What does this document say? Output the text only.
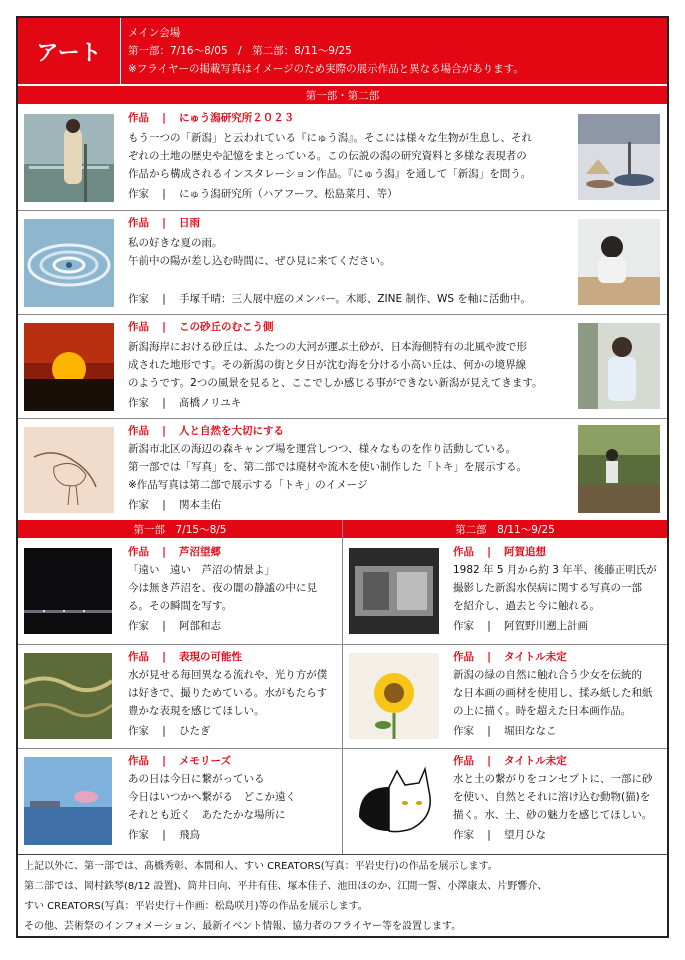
アート
メイン会場
第一部：7/16～8/05　/　第二部：8/11～9/25
※フライヤーの掲載写真はイメージのため実際の展示作品と異なる場合があります。
第一部・第二部
作品 | にゅう潟研究所２０２３
もう一つの「新潟」と云われている『にゅう潟』。そこには様々な生物が生息し、それ
ぞれの土地の歴史や記憶をまとっている。この伝説の潟の研究資料と多様な表現者の
作品から構成されるインスタレーション作品。『にゅう潟』を通して「新潟」を問う。
作家 | にゅう潟研究所（ハアフーフ、松島菜月、等）
作品 | 日雨
私の好きな夏の雨。
午前中の陽が差し込む時間に、ぜひ見に来てください。
作家 | 手塚千晴：三人展中庭のメンバー。木彫、ZINE 制作、WS を軸に活動中。
作品 | この砂丘のむこう側
新潟海岸における砂丘は、ふたつの大河が運ぶ土砂が、日本海側特有の北風や波で形
成された地形です。その新潟の街と夕日が沈む海を分ける小高い丘は、何かの境界線
のようです。2つの風景を見ると、ここでしか感じる事ができない新潟が見えてきます。
作家 | 髙橋ノリユキ
作品 | 人と自然を大切にする
新潟市北区の海辺の森キャンプ場を運営しつつ、様々なものを作り活動している。
第一部では「写真」を、第二部では廃材や流木を使い制作した「トキ」を展示する。
※作品写真は第二部で展示する「トキ」のイメージ
作家 | 関本圭佑
第一部　7/15～8/5	第二部　8/11～9/25
作品 | 芦沼望郷
「遠い　遠い　芦沼の情景よ」
今は無き芦沼を、夜の闇の静謐の中に見
る。その瞬間を写す。
作家 | 阿部和志
作品 | 表現の可能性
水が見せる毎回異なる流れや、光り方が僕
は好きで、撮りためている。水がもたらす
豊かな表現を感じてほしい。
作家 | ひたぎ
作品 | メモリーズ
あの日は今日に繋がっている
今日はいつかへ繋がる　どこか遠く
それとも近く　あたたかな場所に
作家 | 飛鳥
作品 | 阿賀追想
1982 年 5 月から約 3 年半、後藤正明氏が
撮影した新潟水俣病に関する写真の一部
を紹介し、過去と今に触れる。
作家 | 阿賀野川遡上計画
作品 | タイトル未定
新潟の緑の自然に触れ合う少女を伝統的
な日本画の画材を使用し、揉み紙した和紙
の上に描く。時を超えた日本画作品。
作家 | 堀田ななこ
作品 | タイトル未定
水と土の繋がりをコンセプトに、一部に砂
を使い、自然とそれに溶け込む動物(猫)を
描く。水、土、砂の魅力を感じてほしい。
作家 | 望月ひな
上記以外に、第一部では、髙橋秀彰、本間和人、すい CREATORS(写真：平岩史行)の作品を展示します。
第二部では、岡村鉄琴(8/12 設置)、筒井日向、平井有佳、塚本佳子、池田ほのか、江間一誓、小澤康太、片野響介、
すい CREATORS(写真：平岩史行＋作画：松島咲月)等の作品を展示します。
その他、芸術祭のインフォメーション、最新イベント情報、協力者のフライヤー等を設置します。
